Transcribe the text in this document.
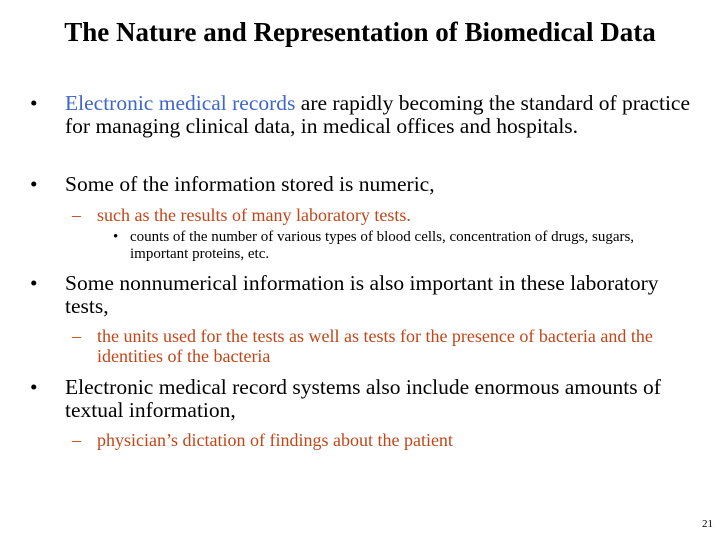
The Nature and Representation of Biomedical Data
• Electronic medical records are rapidly becoming the standard of practice for managing clinical data, in medical offices and hospitals.
• Some of the information stored is numeric,
– such as the results of many laboratory tests.
• counts of the number of various types of blood cells, concentration of drugs, sugars, important proteins, etc.
• Some nonnumerical information is also important in these laboratory tests,
– the units used for the tests as well as tests for the presence of bacteria and the identities of the bacteria
• Electronic medical record systems also include enormous amounts of textual information,
– physician’s dictation of findings about the patient
21
